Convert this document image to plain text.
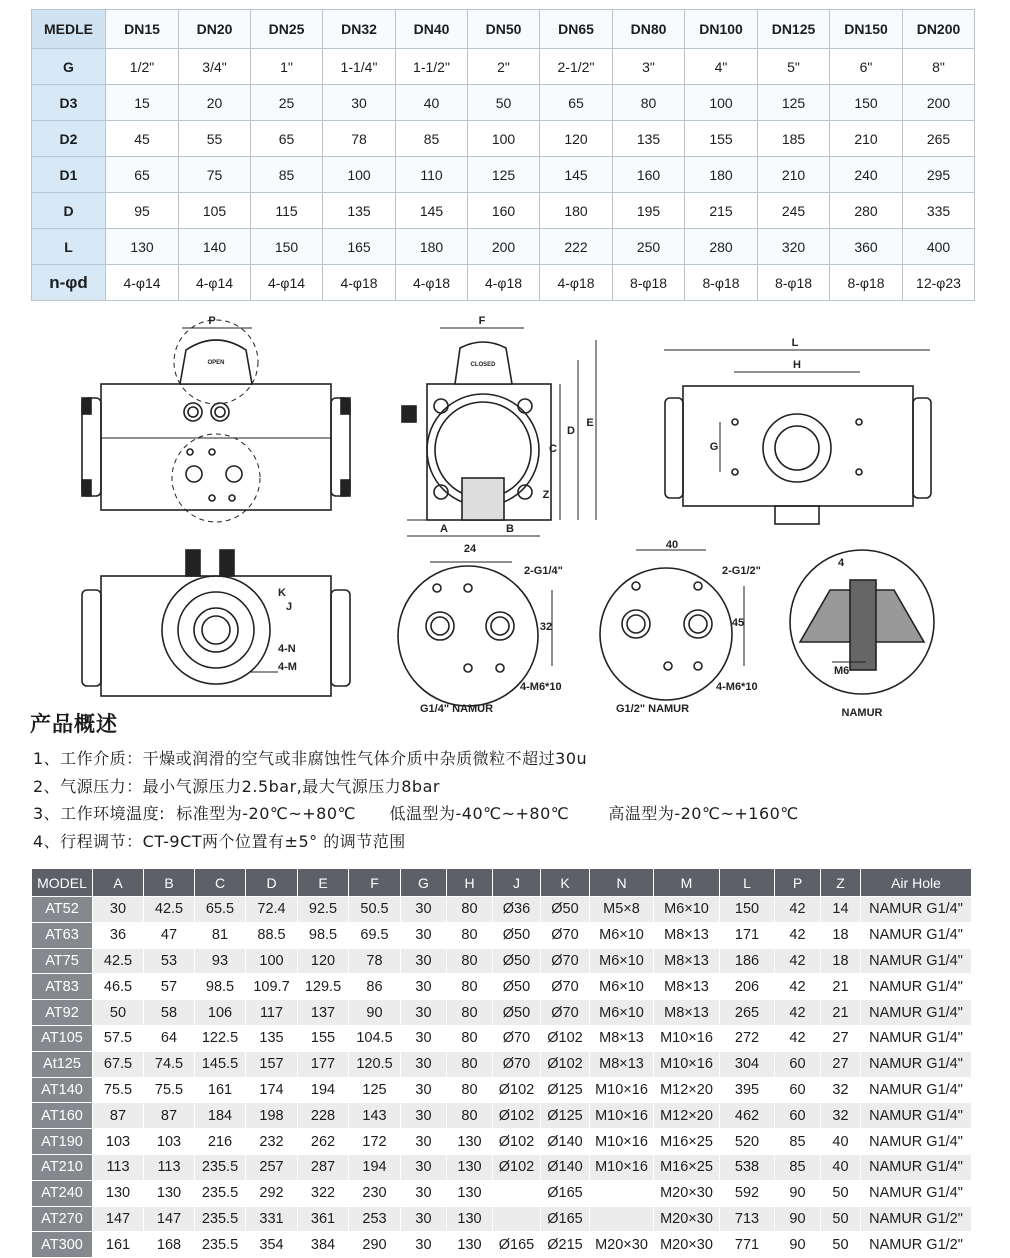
MEDLE	DN15	DN20	DN25	DN32	DN40	DN50	DN65	DN80	DN100	DN125	DN150	DN200
G	1/2"	3/4"	1"	1-1/4"	1-1/2"	2"	2-1/2"	3"	4"	5"	6"	8"
D3	15	20	25	30	40	50	65	80	100	125	150	200
D2	45	55	65	78	85	100	120	135	155	185	210	265
D1	65	75	85	100	110	125	145	160	180	210	240	295
D	95	105	115	135	145	160	180	195	215	245	280	335
L	130	140	150	165	180	200	222	250	280	320	360	400
n-φd	4-φ14	4-φ14	4-φ14	4-φ18	4-φ18	4-φ18	4-φ18	8-φ18	8-φ18	8-φ18	8-φ18	12-φ23
P
OPEN
F
CLOSED
C
D
E
Z
A	B
L
H
G
K
J
4-N
4-M
24
32
2-G1/4"
4-M6*10
G1/4" NAMUR
40
45
2-G1/2"
4-M6*10
G1/2" NAMUR
4
M6
NAMUR
产品概述
1、工作介质：干燥或润滑的空气或非腐蚀性气体介质中杂质微粒不超过30u
2、气源压力：最小气源压力2.5bar,最大气源压力8bar
3、工作环境温度:  标准型为-20℃~+80℃      低温型为-40℃~+80℃       高温型为-20℃~+160℃
4、行程调节：CT-9CT两个位置有±5° 的调节范围
MODEL	A	B	C	D	E	F	G	H	J	K	N	M	L	P	Z	Air Hole
AT52	30	42.5	65.5	72.4	92.5	50.5	30	80	Ø36	Ø50	M5×8	M6×10	150	42	14	NAMUR G1/4"
AT63	36	47	81	88.5	98.5	69.5	30	80	Ø50	Ø70	M6×10	M8×13	171	42	18	NAMUR G1/4"
AT75	42.5	53	93	100	120	78	30	80	Ø50	Ø70	M6×10	M8×13	186	42	18	NAMUR G1/4"
AT83	46.5	57	98.5	109.7	129.5	86	30	80	Ø50	Ø70	M6×10	M8×13	206	42	21	NAMUR G1/4"
AT92	50	58	106	117	137	90	30	80	Ø50	Ø70	M6×10	M8×13	265	42	21	NAMUR G1/4"
AT105	57.5	64	122.5	135	155	104.5	30	80	Ø70	Ø102	M8×13	M10×16	272	42	27	NAMUR G1/4"
At125	67.5	74.5	145.5	157	177	120.5	30	80	Ø70	Ø102	M8×13	M10×16	304	60	27	NAMUR G1/4"
AT140	75.5	75.5	161	174	194	125	30	80	Ø102	Ø125	M10×16	M12×20	395	60	32	NAMUR G1/4"
AT160	87	87	184	198	228	143	30	80	Ø102	Ø125	M10×16	M12×20	462	60	32	NAMUR G1/4"
AT190	103	103	216	232	262	172	30	130	Ø102	Ø140	M10×16	M16×25	520	85	40	NAMUR G1/4"
AT210	113	113	235.5	257	287	194	30	130	Ø102	Ø140	M10×16	M16×25	538	85	40	NAMUR G1/4"
AT240	130	130	235.5	292	322	230	30	130		Ø165		M20×30	592	90	50	NAMUR G1/4"
AT270	147	147	235.5	331	361	253	30	130		Ø165		M20×30	713	90	50	NAMUR G1/2"
AT300	161	168	235.5	354	384	290	30	130	Ø165	Ø215	M20×30	M20×30	771	90	50	NAMUR G1/2"
